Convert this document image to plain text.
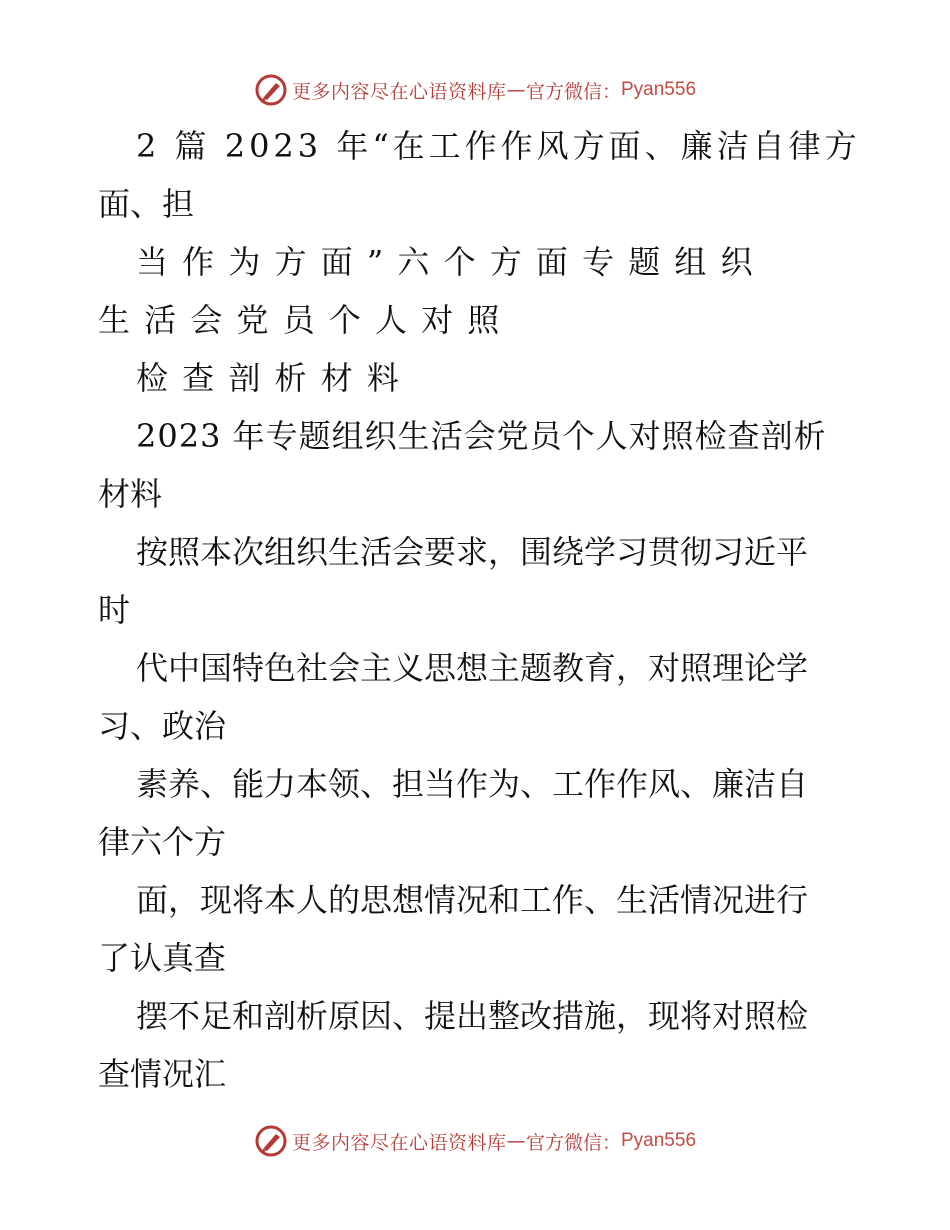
更多内容尽在心语资料库 — 官方微信： Pyan556
2 篇 2023 年“在工作作风方面、廉洁自律方
面、担
当 作 为 方 面 ” 六 个 方 面 专 题 组 织
生 活 会 党 员 个 人 对 照
检 查 剖 析 材 料
2023 年专题组织生活会党员个人对照检查剖析
材料
按照本次组织生活会要求，围绕学习贯彻习近平
时
代中国特色社会主义思想主题教育，对照理论学
习、政治
素养、能力本领、担当作为、工作作风、廉洁自
律六个方
面，现将本人的思想情况和工作、生活情况进行
了认真查
摆不足和剖析原因、提出整改措施，现将对照检
查情况汇
更多内容尽在心语资料库 — 官方微信： Pyan556
